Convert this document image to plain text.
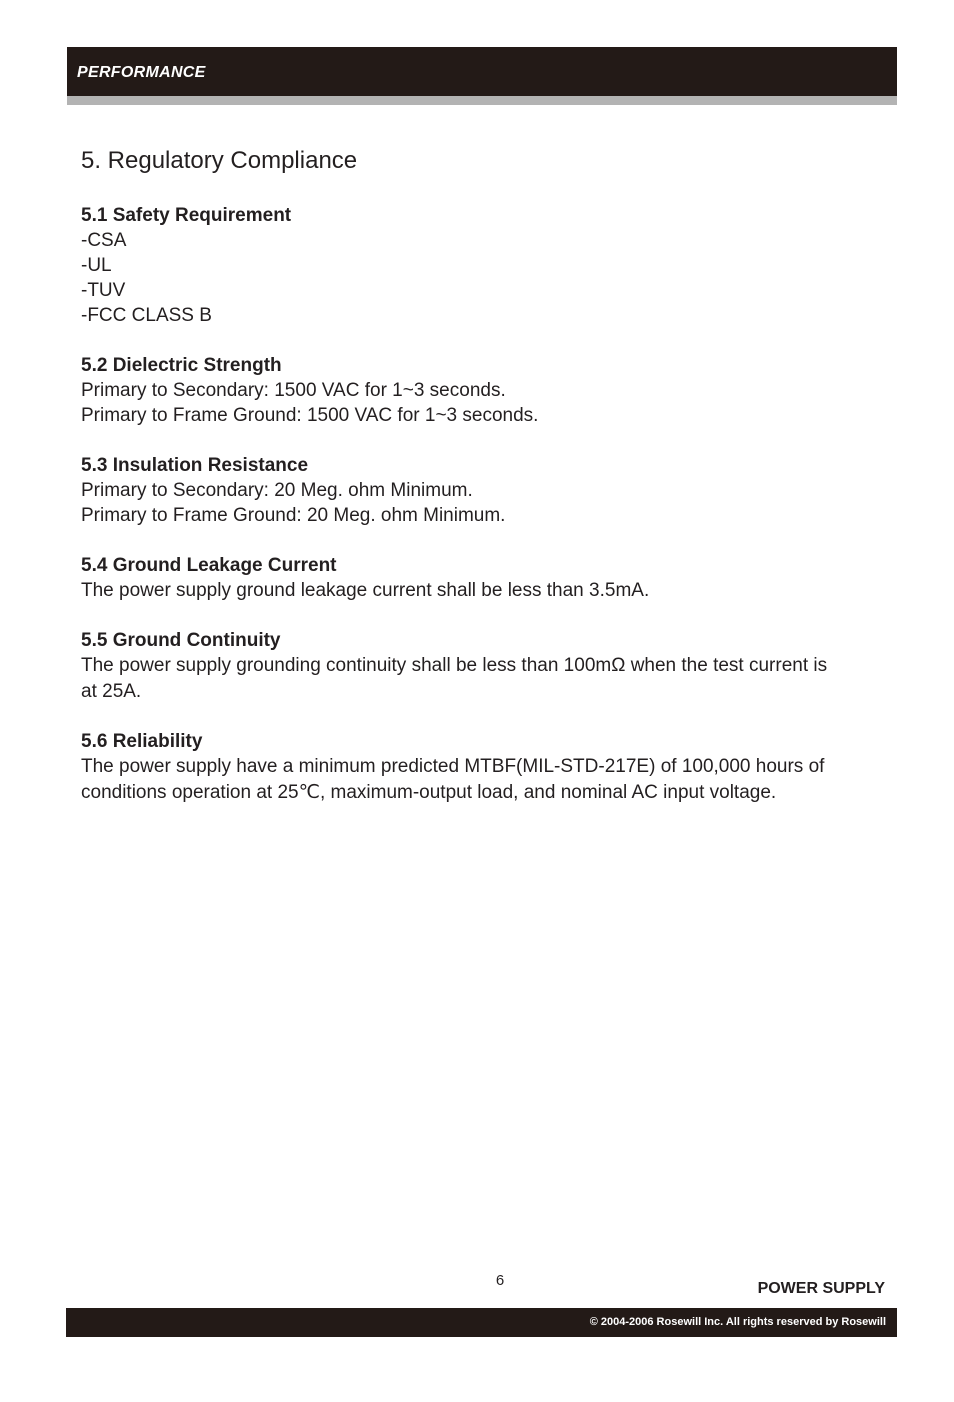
PERFORMANCE
5. Regulatory Compliance

5.1 Safety Requirement

-CSA

-UL

-TUV

-FCC CLASS B

5.2 Dielectric Strength

Primary to Secondary: 1500 VAC for 1~3 seconds.

Primary to Frame Ground: 1500 VAC for 1~3 seconds.

5.3 Insulation Resistance

Primary to Secondary: 20 Meg. ohm Minimum.

Primary to Frame Ground: 20 Meg. ohm Minimum.

5.4 Ground Leakage Current

The power supply ground leakage current shall be less than 3.5mA.

5.5 Ground Continuity

The power supply grounding continuity shall be less than 100mΩ when the test current is at 25A.

5.6 Reliability

The power supply have a minimum predicted MTBF(MIL-STD-217E) of 100,000 hours of conditions operation at 25℃, maximum-output load, and nominal AC input voltage.

6	POWER SUPPLY
© 2004-2006 Rosewill Inc. All rights reserved by Rosewill
